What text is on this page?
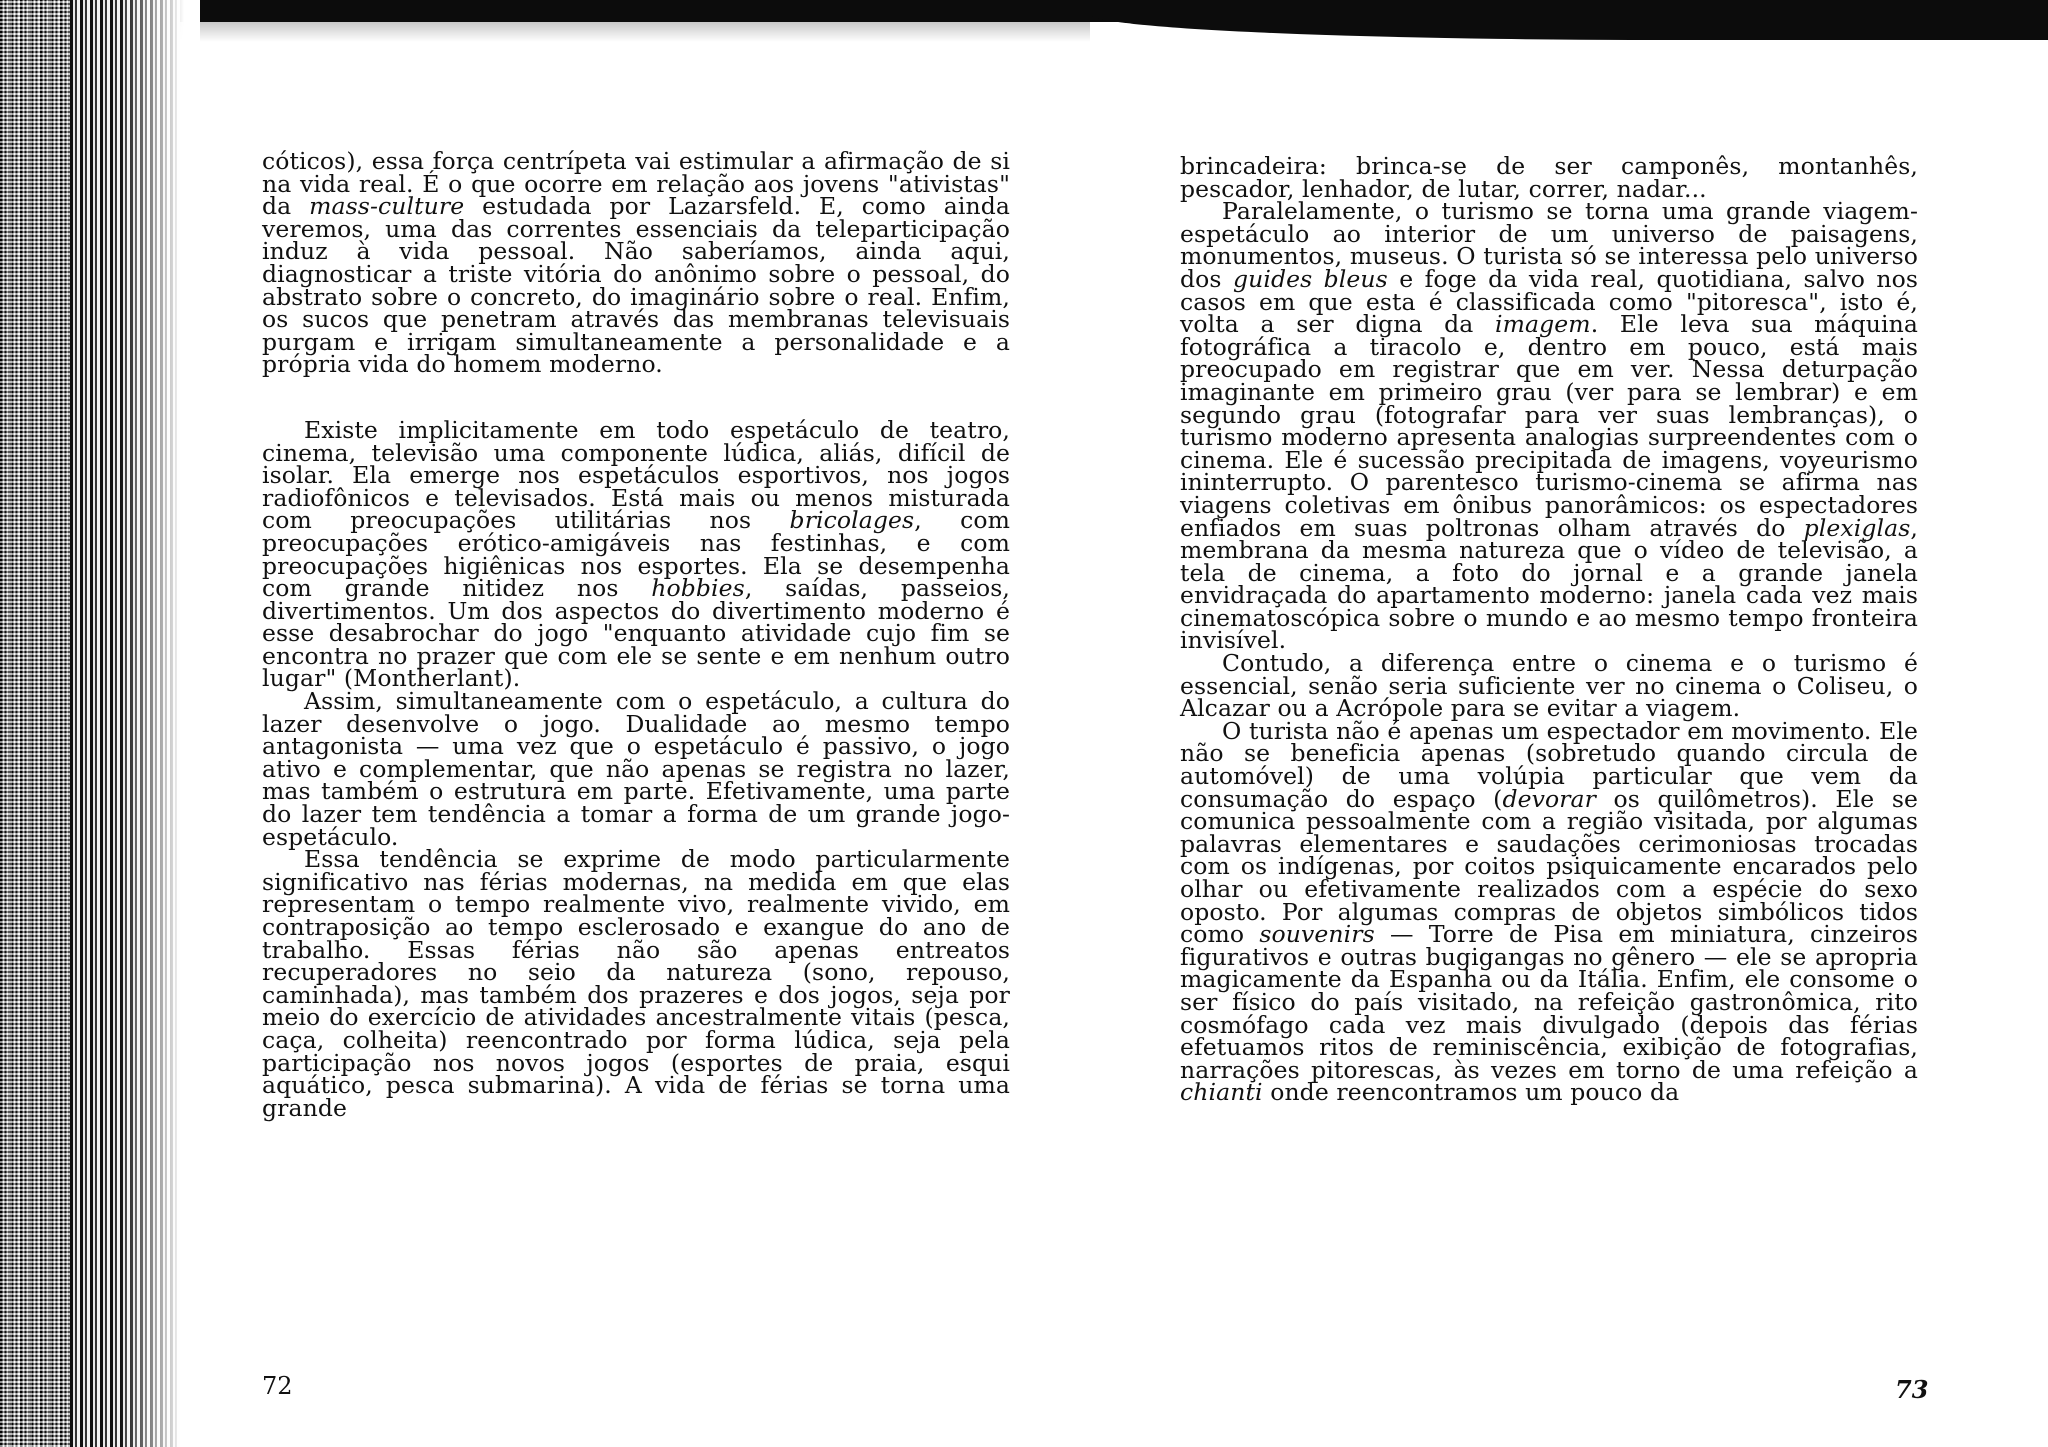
cóticos), essa força centrípeta vai estimular a afirmação de si na vida real. É o que ocorre em relação aos jovens "ativistas" da mass-culture estudada por Lazarsfeld. E, como ainda veremos, uma das correntes essenciais da teleparticipação induz à vida pessoal. Não saberíamos, ainda aqui, diagnosticar a triste vitória do anônimo sobre o pessoal, do abstrato sobre o concreto, do imaginário sobre o real. Enfim, os sucos que penetram através das membranas televisuais purgam e irrigam simultaneamente a personalidade e a própria vida do homem moderno.

Existe implicitamente em todo espetáculo de teatro, cinema, televisão uma componente lúdica, aliás, difícil de isolar. Ela emerge nos espetáculos esportivos, nos jogos radiofônicos e televisados. Está mais ou menos misturada com preocupações utilitárias nos bricolages, com preocupações erótico-amigáveis nas festinhas, e com preocupações higiênicas nos esportes. Ela se desempenha com grande nitidez nos hobbies, saídas, passeios, divertimentos. Um dos aspectos do divertimento moderno é esse desabrochar do jogo "enquanto atividade cujo fim se encontra no prazer que com ele se sente e em nenhum outro lugar" (Montherlant).

Assim, simultaneamente com o espetáculo, a cultura do lazer desenvolve o jogo. Dualidade ao mesmo tempo antagonista — uma vez que o espetáculo é passivo, o jogo ativo e complementar, que não apenas se registra no lazer, mas também o estrutura em parte. Efetivamente, uma parte do lazer tem tendência a tomar a forma de um grande jogo-espetáculo.

Essa tendência se exprime de modo particularmente significativo nas férias modernas, na medida em que elas representam o tempo realmente vivo, realmente vivido, em contraposição ao tempo esclerosado e exangue do ano de trabalho. Essas férias não são apenas entreatos recuperadores no seio da natureza (sono, repouso, caminhada), mas também dos prazeres e dos jogos, seja por meio do exercício de atividades ancestralmente vitais (pesca, caça, colheita) reencontrado por forma lúdica, seja pela participação nos novos jogos (esportes de praia, esqui aquático, pesca submarina). A vida de férias se torna uma grande

72

brincadeira: brinca-se de ser camponês, montanhês, pescador, lenhador, de lutar, correr, nadar...

Paralelamente, o turismo se torna uma grande viagem-espetáculo ao interior de um universo de paisagens, monumentos, museus. O turista só se interessa pelo universo dos guides bleus e foge da vida real, quotidiana, salvo nos casos em que esta é classificada como "pitoresca", isto é, volta a ser digna da imagem. Ele leva sua máquina fotográfica a tiracolo e, dentro em pouco, está mais preocupado em registrar que em ver. Nessa deturpação imaginante em primeiro grau (ver para se lembrar) e em segundo grau (fotografar para ver suas lembranças), o turismo moderno apresenta analogias surpreendentes com o cinema. Ele é sucessão precipitada de imagens, voyeurismo ininterrupto. O parentesco turismo-cinema se afirma nas viagens coletivas em ônibus panorâmicos: os espectadores enfiados em suas poltronas olham através do plexiglas, membrana da mesma natureza que o vídeo de televisão, a tela de cinema, a foto do jornal e a grande janela envidraçada do apartamento moderno: janela cada vez mais cinematoscópica sobre o mundo e ao mesmo tempo fronteira invisível.

Contudo, a diferença entre o cinema e o turismo é essencial, senão seria suficiente ver no cinema o Coliseu, o Alcazar ou a Acrópole para se evitar a viagem.

O turista não é apenas um espectador em movimento. Ele não se beneficia apenas (sobretudo quando circula de automóvel) de uma volúpia particular que vem da consumação do espaço (devorar os quilômetros). Ele se comunica pessoalmente com a região visitada, por algumas palavras elementares e saudações cerimoniosas trocadas com os indígenas, por coitos psiquicamente encarados pelo olhar ou efetivamente realizados com a espécie do sexo oposto. Por algumas compras de objetos simbólicos tidos como souvenirs — Torre de Pisa em miniatura, cinzeiros figurativos e outras bugigangas no gênero — ele se apropria magicamente da Espanha ou da Itália. Enfim, ele consome o ser físico do país visitado, na refeição gastronômica, rito cosmófago cada vez mais divulgado (depois das férias efetuamos ritos de reminiscência, exibição de fotografias, narrações pitorescas, às vezes em torno de uma refeição a chianti onde reencontramos um pouco da

73
